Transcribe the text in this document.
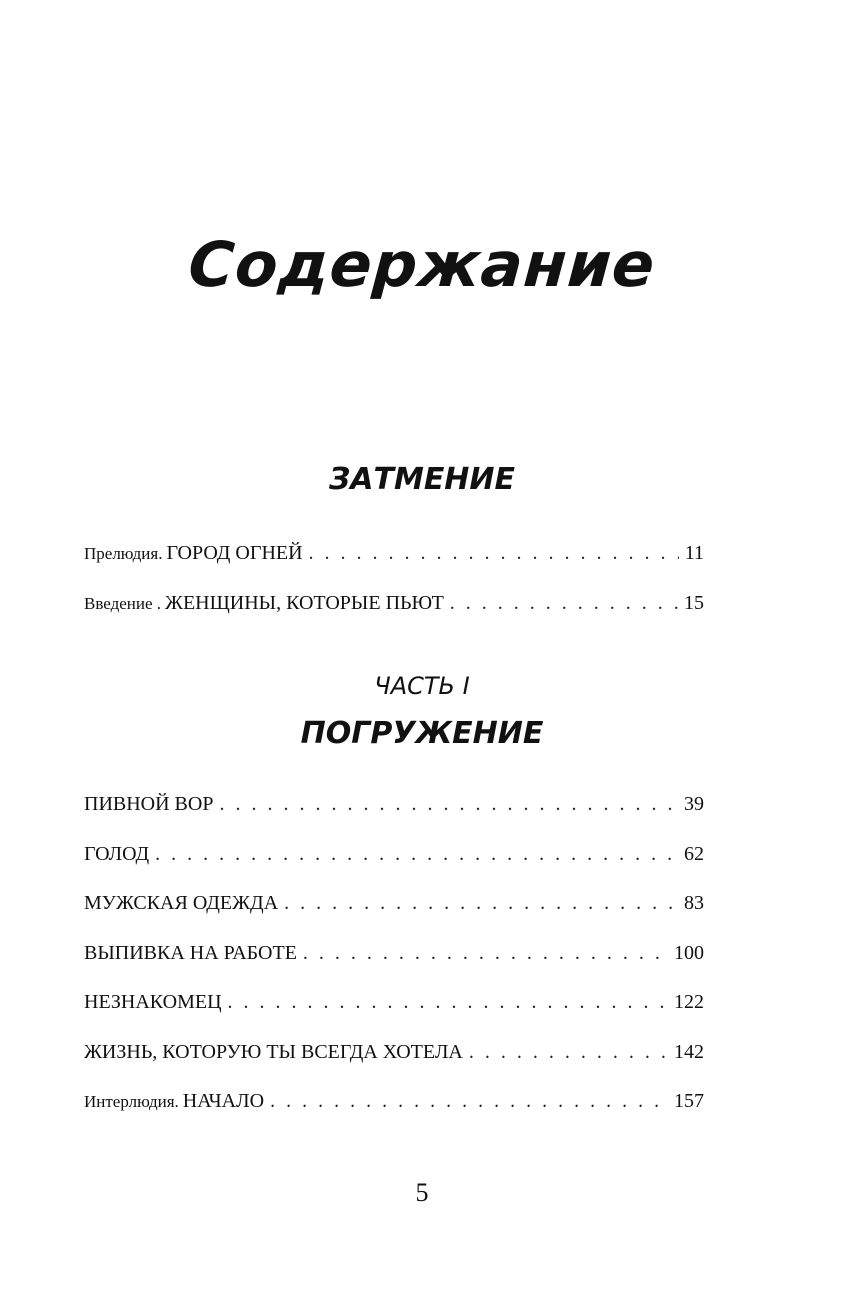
Содержание
ЗАТМЕНИЕ
Прелюдия. ГОРОД ОГНЕЙ . . .	11
Введение . ЖЕНЩИНЫ, КОТОРЫЕ ПЬЮТ . . .	15
ЧАСТЬ I
ПОГРУЖЕНИЕ
ПИВНОЙ ВОР . . .	39
ГОЛОД . . .	62
МУЖСКАЯ ОДЕЖДА . . .	83
ВЫПИВКА НА РАБОТЕ . . .	100
НЕЗНАКОМЕЦ . . .	122
ЖИЗНЬ, КОТОРУЮ ТЫ ВСЕГДА ХОТЕЛА . . .	142
Интерлюдия. НАЧАЛО . . .	157
5
